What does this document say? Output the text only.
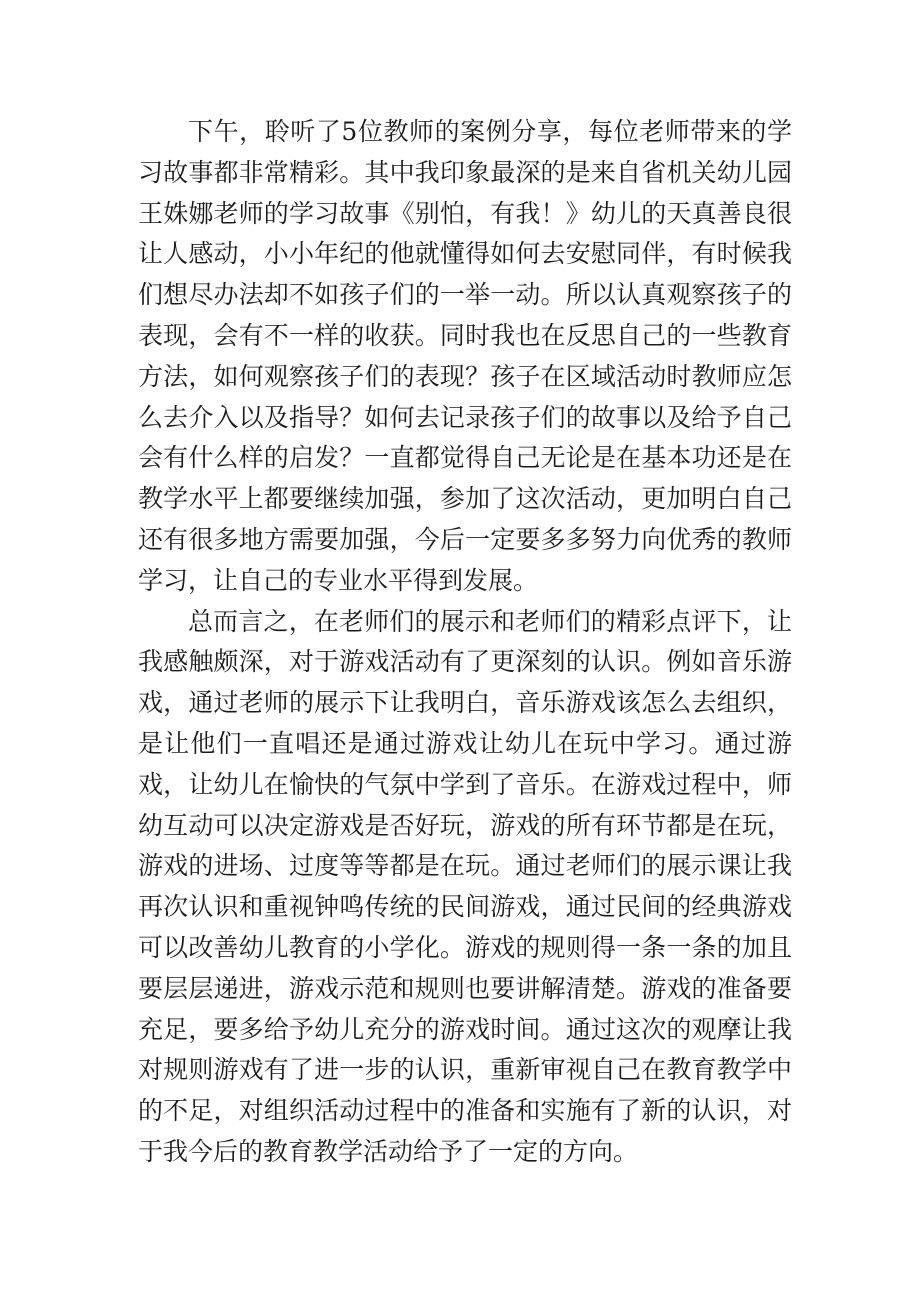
下午，聆听了5位教师的案例分享，每位老师带来的学习故事都非常精彩。其中我印象最深的是来自省机关幼儿园王姝娜老师的学习故事《别怕，有我！》幼儿的天真善良很让人感动，小小年纪的他就懂得如何去安慰同伴，有时候我们想尽办法却不如孩子们的一举一动。所以认真观察孩子的表现，会有不一样的收获。同时我也在反思自己的一些教育方法，如何观察孩子们的表现？孩子在区域活动时教师应怎么去介入以及指导？如何去记录孩子们的故事以及给予自己会有什么样的启发？一直都觉得自己无论是在基本功还是在教学水平上都要继续加强，参加了这次活动，更加明白自己还有很多地方需要加强，今后一定要多多努力向优秀的教师学习，让自己的专业水平得到发展。

总而言之，在老师们的展示和老师们的精彩点评下，让我感触颇深，对于游戏活动有了更深刻的认识。例如音乐游戏，通过老师的展示下让我明白，音乐游戏该怎么去组织，是让他们一直唱还是通过游戏让幼儿在玩中学习。通过游戏，让幼儿在愉快的气氛中学到了音乐。在游戏过程中，师幼互动可以决定游戏是否好玩，游戏的所有环节都是在玩，游戏的进场、过度等等都是在玩。通过老师们的展示课让我再次认识和重视钟鸣传统的民间游戏，通过民间的经典游戏可以改善幼儿教育的小学化。游戏的规则得一条一条的加且要层层递进，游戏示范和规则也要讲解清楚。游戏的准备要充足，要多给予幼儿充分的游戏时间。通过这次的观摩让我对规则游戏有了进一步的认识，重新审视自己在教育教学中的不足，对组织活动过程中的准备和实施有了新的认识，对于我今后的教育教学活动给予了一定的方向。
